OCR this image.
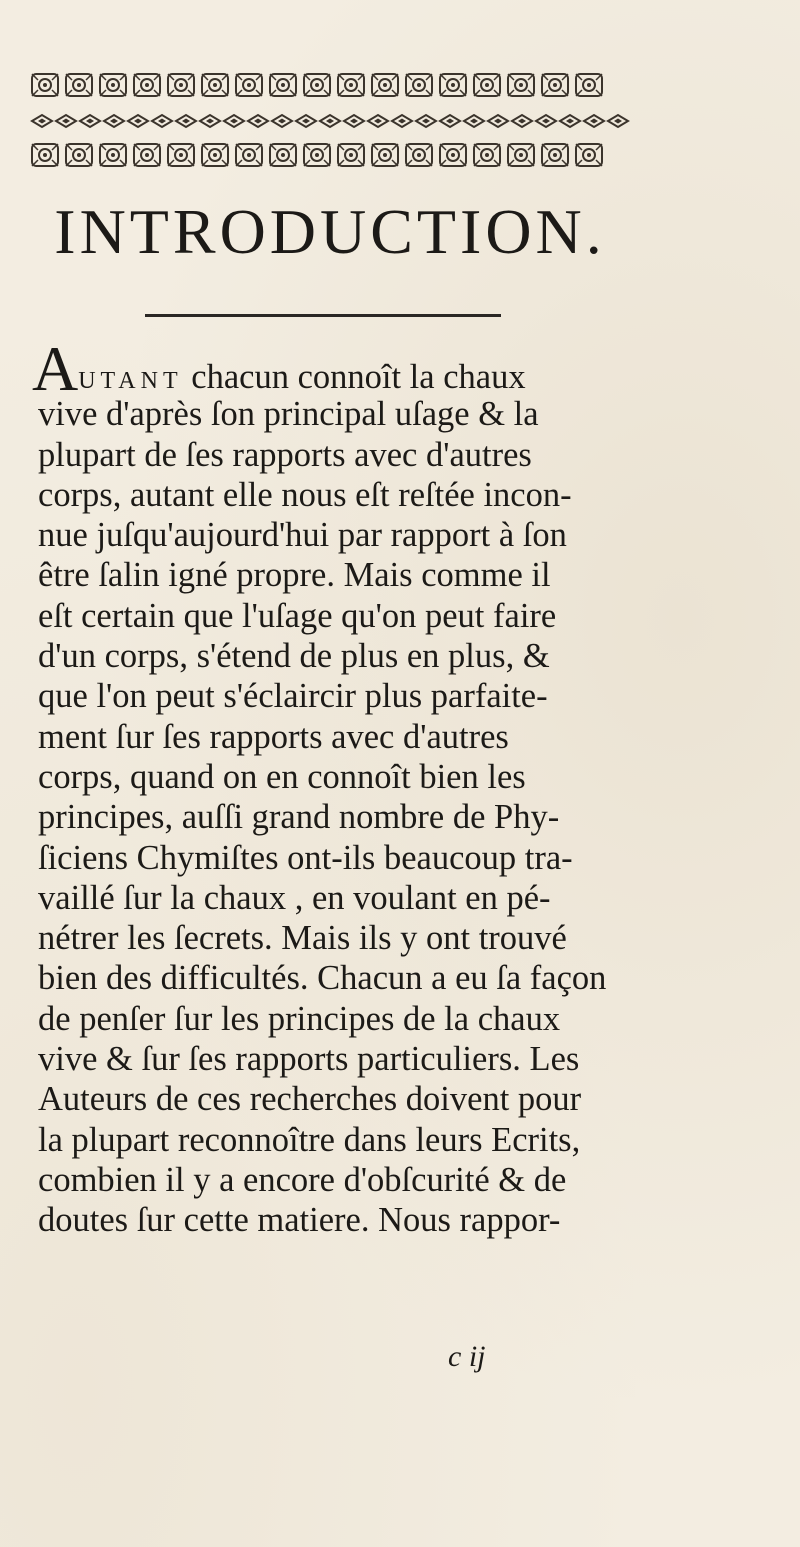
INTRODUCTION.
AUTANT chacun connoît la chaux
vive d'après ſon principal uſage & la
plupart de ſes rapports avec d'autres
corps, autant elle nous eſt reſtée incon-
nue juſqu'aujourd'hui par rapport à ſon
être ſalin igné propre. Mais comme il
eſt certain que l'uſage qu'on peut faire
d'un corps, s'étend de plus en plus, &
que l'on peut s'éclaircir plus parfaite-
ment ſur ſes rapports avec d'autres
corps, quand on en connoît bien les
principes, auſſi grand nombre de Phy-
ſiciens Chymiſtes ont-ils beaucoup tra-
vaillé ſur la chaux , en voulant en pé-
nétrer les ſecrets. Mais ils y ont trouvé
bien des difficultés. Chacun a eu ſa façon
de penſer ſur les principes de la chaux
vive & ſur ſes rapports particuliers. Les
Auteurs de ces recherches doivent pour
la plupart reconnoître dans leurs Ecrits,
combien il y a encore d'obſcurité & de
doutes ſur cette matiere. Nous rappor-
c ij
